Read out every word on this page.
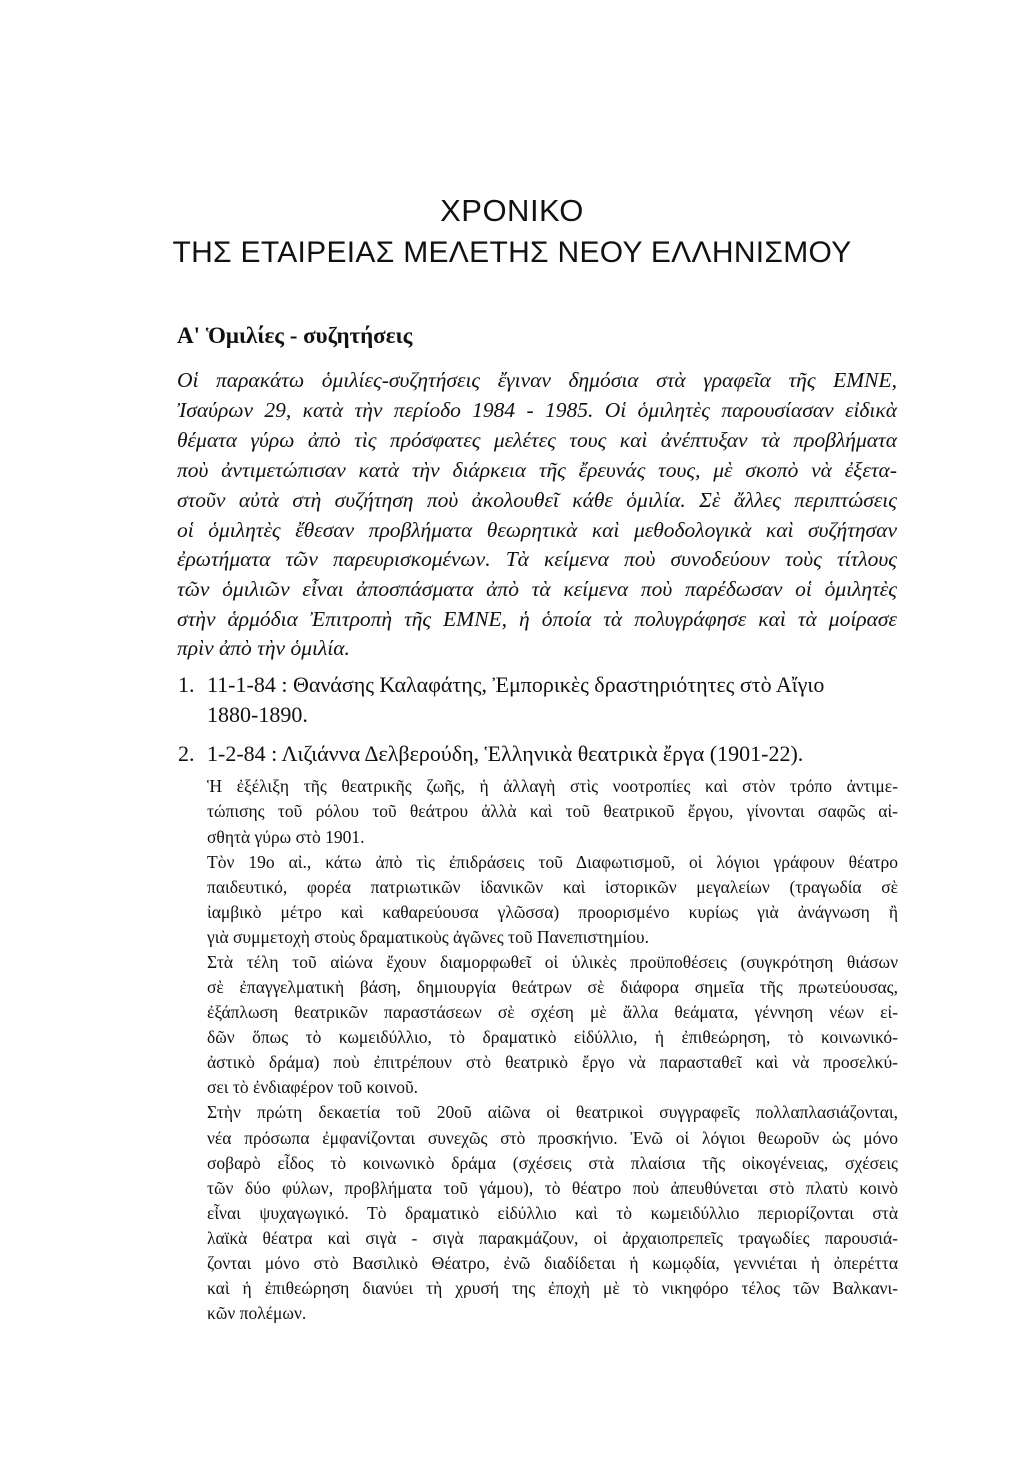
ΧΡΟΝΙΚΟ
ΤΗΣ ΕΤΑΙΡΕΙΑΣ ΜΕΛΕΤΗΣ ΝΕΟΥ ΕΛΛΗΝΙΣΜΟΥ
Α' Ὁμιλίες - συζητήσεις
Οἱ παρακάτω ὁμιλίες-συζητήσεις ἔγιναν δημόσια στὰ γραφεῖα τῆς ΕΜΝΕ,
Ἰσαύρων 29, κατὰ τὴν περίοδο 1984 - 1985. Οἱ ὁμιλητὲς παρουσίασαν εἰδικὰ
θέματα γύρω ἀπὸ τὶς πρόσφατες μελέτες τους καὶ ἀνέπτυξαν τὰ προβλήματα
ποὺ ἀντιμετώπισαν κατὰ τὴν διάρκεια τῆς ἔρευνάς τους, μὲ σκοπὸ νὰ ἐξετα-
στοῦν αὐτὰ στὴ συζήτηση ποὺ ἀκολουθεῖ κάθε ὁμιλία. Σὲ ἄλλες περιπτώσεις
οἱ ὁμιλητὲς ἔθεσαν προβλήματα θεωρητικὰ καὶ μεθοδολογικὰ καὶ συζήτησαν
ἐρωτήματα τῶν παρευρισκομένων. Τὰ κείμενα ποὺ συνοδεύουν τοὺς τίτλους
τῶν ὁμιλιῶν εἶναι ἀποσπάσματα ἀπὸ τὰ κείμενα ποὺ παρέδωσαν οἱ ὁμιλητὲς
στὴν ἁρμόδια Ἐπιτροπὴ τῆς ΕΜΝΕ, ἡ ὁποία τὰ πολυγράφησε καὶ τὰ μοίρασε
πρὶν ἀπὸ τὴν ὁμιλία.
1. 11-1-84 : Θανάσης Καλαφάτης, Ἐμπορικὲς δραστηριότητες στὸ Αἴγιο
1880-1890.
2. 1-2-84 : Λιζιάννα Δελβερούδη, Ἑλληνικὰ θεατρικὰ ἔργα (1901-22).
Ἡ ἐξέλιξη τῆς θεατρικῆς ζωῆς, ἡ ἀλλαγὴ στὶς νοοτροπίες καὶ στὸν τρόπο ἀντιμε-
τώπισης τοῦ ρόλου τοῦ θεάτρου ἀλλὰ καὶ τοῦ θεατρικοῦ ἔργου, γίνονται σαφῶς αἰ-
σθητὰ γύρω στὸ 1901.
Τὸν 19ο αἰ., κάτω ἀπὸ τὶς ἐπιδράσεις τοῦ Διαφωτισμοῦ, οἱ λόγιοι γράφουν θέατρο
παιδευτικό, φορέα πατριωτικῶν ἰδανικῶν καὶ ἱστορικῶν μεγαλείων (τραγωδία σὲ
ἰαμβικὸ μέτρο καὶ καθαρεύουσα γλῶσσα) προορισμένο κυρίως γιὰ ἀνάγνωση ἢ
γιὰ συμμετοχὴ στοὺς δραματικοὺς ἀγῶνες τοῦ Πανεπιστημίου.
Στὰ τέλη τοῦ αἰώνα ἔχουν διαμορφωθεῖ οἱ ὑλικὲς προϋποθέσεις (συγκρότηση θιάσων
σὲ ἐπαγγελματικὴ βάση, δημιουργία θεάτρων σὲ διάφορα σημεῖα τῆς πρωτεύουσας,
ἐξάπλωση θεατρικῶν παραστάσεων σὲ σχέση μὲ ἄλλα θεάματα, γέννηση νέων εἰ-
δῶν ὅπως τὸ κωμειδύλλιο, τὸ δραματικὸ εἰδύλλιο, ἡ ἐπιθεώρηση, τὸ κοινωνικό-
ἀστικὸ δράμα) ποὺ ἐπιτρέπουν στὸ θεατρικὸ ἔργο νὰ παρασταθεῖ καὶ νὰ προσελκύ-
σει τὸ ἐνδιαφέρον τοῦ κοινοῦ.
Στὴν πρώτη δεκαετία τοῦ 20οῦ αἰῶνα οἱ θεατρικοὶ συγγραφεῖς πολλαπλασιάζονται,
νέα πρόσωπα ἐμφανίζονται συνεχῶς στὸ προσκήνιο. Ἐνῶ οἱ λόγιοι θεωροῦν ὡς μόνο
σοβαρὸ εἶδος τὸ κοινωνικὸ δράμα (σχέσεις στὰ πλαίσια τῆς οἰκογένειας, σχέσεις
τῶν δύο φύλων, προβλήματα τοῦ γάμου), τὸ θέατρο ποὺ ἀπευθύνεται στὸ πλατὺ κοινὸ
εἶναι ψυχαγωγικό. Τὸ δραματικὸ εἰδύλλιο καὶ τὸ κωμειδύλλιο περιορίζονται στὰ
λαϊκὰ θέατρα καὶ σιγὰ - σιγὰ παρακμάζουν, οἱ ἀρχαιοπρεπεῖς τραγωδίες παρουσιά-
ζονται μόνο στὸ Βασιλικὸ Θέατρο, ἐνῶ διαδίδεται ἡ κωμῳδία, γεννιέται ἡ ὀπερέττα
καὶ ἡ ἐπιθεώρηση διανύει τὴ χρυσή της ἐποχὴ μὲ τὸ νικηφόρο τέλος τῶν Βαλκανι-
κῶν πολέμων.
